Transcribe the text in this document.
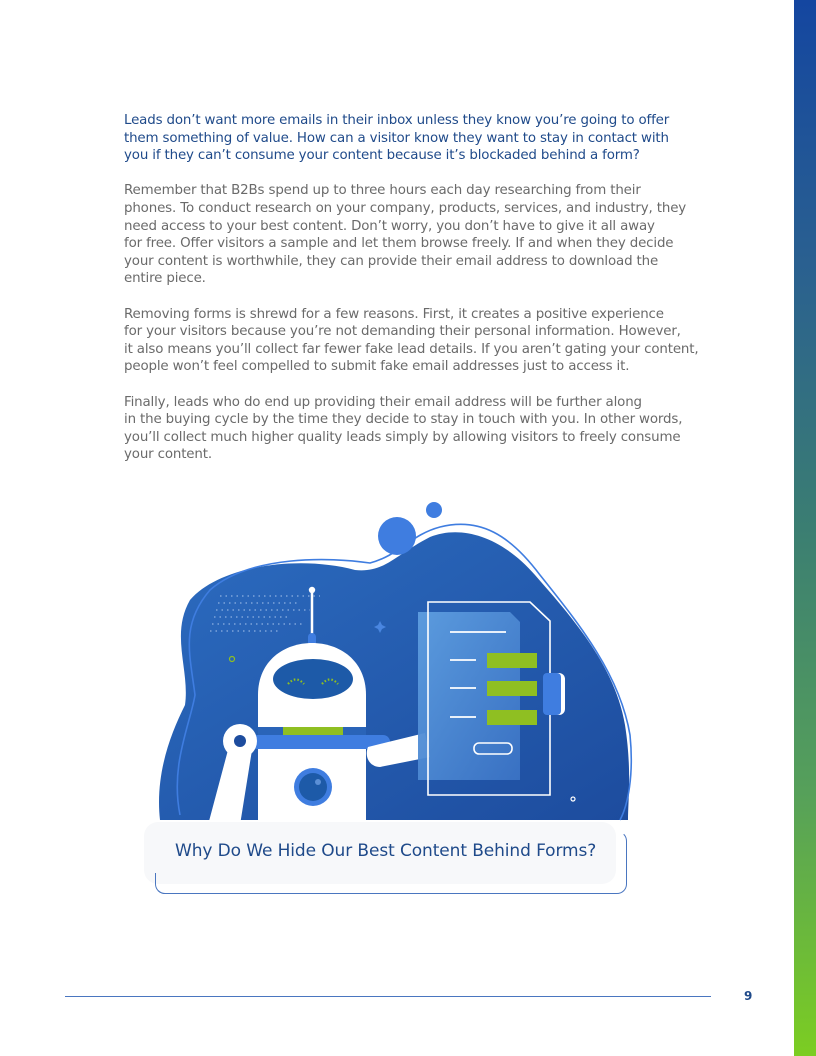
Leads don’t want more emails in their inbox unless they know you’re going to offer
them something of value. How can a visitor know they want to stay in contact with
you if they can’t consume your content because it’s blockaded behind a form?
Remember that B2Bs spend up to three hours each day researching from their
phones. To conduct research on your company, products, services, and industry, they
need access to your best content. Don’t worry, you don’t have to give it all away
for free. Offer visitors a sample and let them browse freely. If and when they decide
your content is worthwhile, they can provide their email address to download the
entire piece.
Removing forms is shrewd for a few reasons. First, it creates a positive experience
for your visitors because you’re not demanding their personal information. However,
it also means you’ll collect far fewer fake lead details. If you aren’t gating your content,
people won’t feel compelled to submit fake email addresses just to access it.
Finally, leads who do end up providing their email address will be further along
in the buying cycle by the time they decide to stay in touch with you. In other words,
you’ll collect much higher quality leads simply by allowing visitors to freely consume
your content.
Why Do We Hide Our Best Content Behind Forms?
9
